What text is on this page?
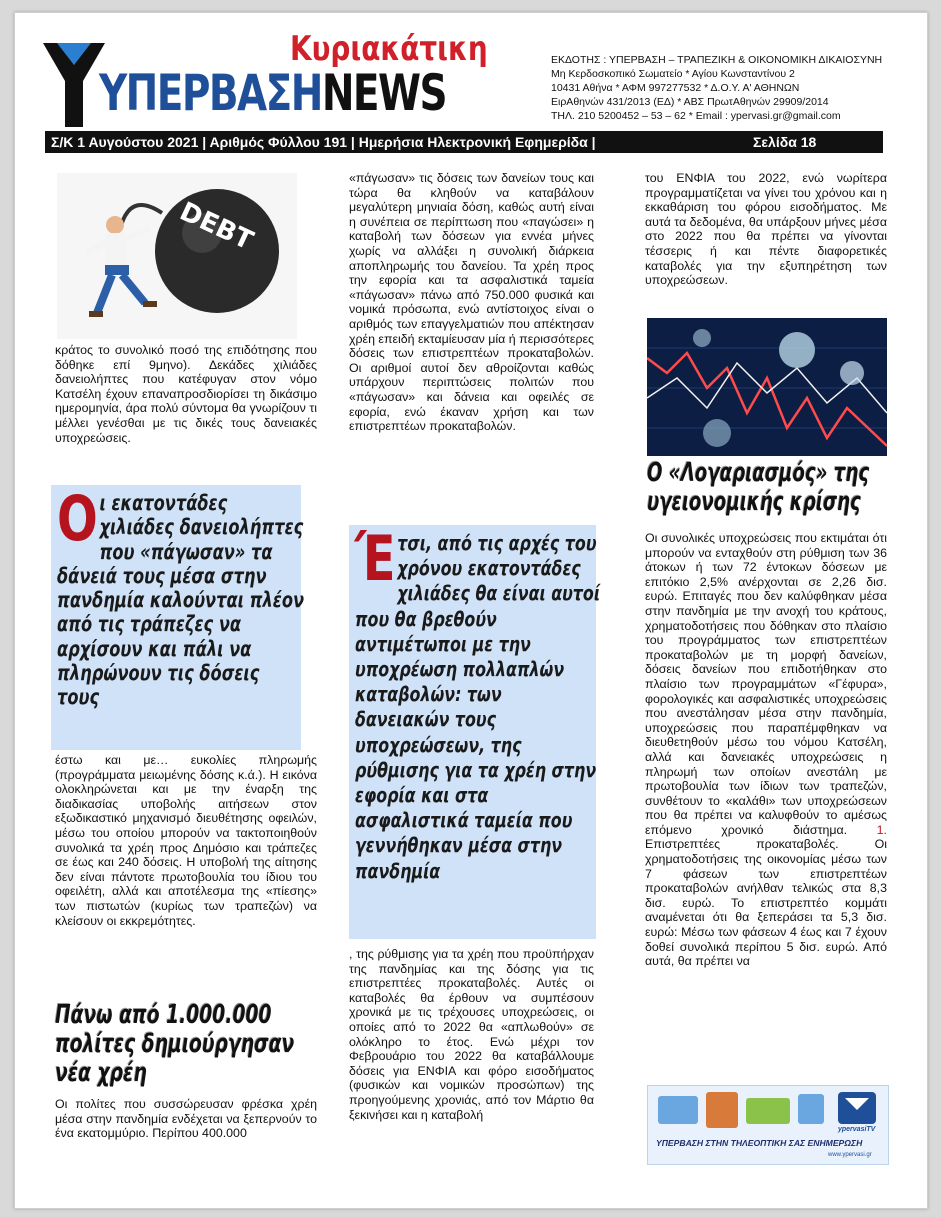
Κυριακάτικη
ΥΠΕΡΒΑΣΗNEWS
ΕΚΔΟΤΗΣ : ΥΠΕΡΒΑΣΗ – ΤΡΑΠΕΖΙΚΗ & ΟΙΚΟΝΟΜΙΚΗ ΔΙΚΑΙΟΣΥΝΗ
Μη Κερδοσκοπικό Σωματείο * Αγίου Κωνσταντίνου 2
10431 Αθήνα * ΑΦΜ 997277532 * Δ.Ο.Υ. Α' ΑΘΗΝΩΝ
ΕιρΑθηνών 431/2013 (ΕΔ) * ΑΒΣ ΠρωτΑθηνών 29909/2014
ΤΗΛ. 210 5200452 – 53 – 62 * Email : ypervasi.gr@gmail.com
Σ/Κ 1 Αυγούστου 2021 | Αριθμός Φύλλου 191 | Ημερήσια Ηλεκτρονική Εφημερίδα |	Σελίδα 18
DEBT
κράτος το συνολικό ποσό της επιδότησης που δόθηκε επί 9μηνο). Δεκάδες χιλιάδες δανειολήπτες που κατέφυγαν στον νόμο Κατσέλη έχουν επαναπροσδιορίσει τη δικάσιμο ημερομηνία, άρα πολύ σύντομα θα γνωρίζουν τι μέλλει γενέσθαι με τις δικές τους δανειακές υποχρεώσεις.
Οι εκατοντάδες χιλιάδες δανειολήπτες που «πάγωσαν» τα δάνειά τους μέσα στην πανδημία καλούνται πλέον από τις τράπεζες να αρχίσουν και πάλι να πληρώνουν τις δόσεις τους
έστω και με… ευκολίες πληρωμής (προγράμματα μειωμένης δόσης κ.ά.). Η εικόνα ολοκληρώνεται και με την έναρξη της διαδικασίας υποβολής αιτήσεων στον εξωδικαστικό μηχανισμό διευθέτησης οφειλών, μέσω του οποίου μπορούν να τακτοποιηθούν συνολικά τα χρέη προς Δημόσιο και τράπεζες σε έως και 240 δόσεις. Η υποβολή της αίτησης δεν είναι πάντοτε πρωτοβουλία του ίδιου του οφειλέτη, αλλά και αποτέλεσμα της «πίεσης» των πιστωτών (κυρίως των τραπεζών) να κλείσουν οι εκκρεμότητες.
Πάνω από 1.000.000
πολίτες δημιούργησαν
νέα χρέη
Οι πολίτες που συσσώρευσαν φρέσκα χρέη μέσα στην πανδημία ενδέχεται να ξεπερνούν το ένα εκατομμύριο. Περίπου 400.000
«πάγωσαν» τις δόσεις των δανείων τους και τώρα θα κληθούν να καταβάλουν μεγαλύτερη μηνιαία δόση, καθώς αυτή είναι η συνέπεια σε περίπτωση που «παγώσει» η καταβολή των δόσεων για εννέα μήνες χωρίς να αλλάξει η συνολική διάρκεια αποπληρωμής του δανείου. Τα χρέη προς την εφορία και τα ασφαλιστικά ταμεία «πάγωσαν» πάνω από 750.000 φυσικά και νομικά πρόσωπα, ενώ αντίστοιχος είναι ο αριθμός των επαγγελματιών που απέκτησαν χρέη επειδή εκταμίευσαν μία ή περισσότερες δόσεις των επιστρεπτέων προκαταβολών. Οι αριθμοί αυτοί δεν αθροίζονται καθώς υπάρχουν περιπτώσεις πολιτών που «πάγωσαν» και δάνεια και οφειλές σε εφορία, ενώ έκαναν χρήση και των επιστρεπτέων προκαταβολών.
Έτσι, από τις αρχές του χρόνου εκατοντάδες χιλιάδες θα είναι αυτοί που θα βρεθούν αντιμέτωποι με την υποχρέωση πολλαπλών καταβολών: των δανειακών τους υποχρεώσεων, της ρύθμισης για τα χρέη στην εφορία και στα ασφαλιστικά ταμεία που γεννήθηκαν μέσα στην πανδημία
, της ρύθμισης για τα χρέη που προϋπήρχαν της πανδημίας και της δόσης για τις επιστρεπτέες προκαταβολές. Αυτές οι καταβολές θα έρθουν να συμπέσουν χρονικά με τις τρέχουσες υποχρεώσεις, οι οποίες από το 2022 θα «απλωθούν» σε ολόκληρο το έτος. Ενώ μέχρι τον Φεβρουάριο του 2022 θα καταβάλλουμε δόσεις για ΕΝΦΙΑ και φόρο εισοδήματος (φυσικών και νομικών προσώπων) της προηγούμενης χρονιάς, από τον Μάρτιο θα ξεκινήσει και η καταβολή
του ΕΝΦΙΑ του 2022, ενώ νωρίτερα προγραμματίζεται να γίνει του χρόνου και η εκκαθάριση του φόρου εισοδήματος. Με αυτά τα δεδομένα, θα υπάρξουν μήνες μέσα στο 2022 που θα πρέπει να γίνονται τέσσερις ή και πέντε διαφορετικές καταβολές για την εξυπηρέτηση των υποχρεώσεων.
Ο «Λογαριασμός» της
υγειονομικής κρίσης
Οι συνολικές υποχρεώσεις που εκτιμάται ότι μπορούν να ενταχθούν στη ρύθμιση των 36 άτοκων ή των 72 έντοκων δόσεων με επιτόκιο 2,5% ανέρχονται σε 2,26 δισ. ευρώ. Επιταγές που δεν καλύφθηκαν μέσα στην πανδημία με την ανοχή του κράτους, χρηματοδοτήσεις που δόθηκαν στο πλαίσιο του προγράμματος των επιστρεπτέων προκαταβολών με τη μορφή δανείων, δόσεις δανείων που επιδοτήθηκαν στο πλαίσιο των προγραμμάτων «Γέφυρα», φορολογικές και ασφαλιστικές υποχρεώσεις που ανεστάλησαν μέσα στην πανδημία, υποχρεώσεις που παραπέμφθηκαν να διευθετηθούν μέσω του νόμου Κατσέλη, αλλά και δανειακές υποχρεώσεις η πληρωμή των οποίων ανεστάλη με πρωτοβουλία των ίδιων των τραπεζών, συνθέτουν το «καλάθι» των υποχρεώσεων που θα πρέπει να καλυφθούν το αμέσως επόμενο χρονικό διάστημα. 1. Επιστρεπτέες προκαταβολές. Οι χρηματοδοτήσεις της οικονομίας μέσω των 7 φάσεων των επιστρεπτέων προκαταβολών ανήλθαν τελικώς στα 8,3 δισ. ευρώ. Το επιστρεπτέο κομμάτι αναμένεται ότι θα ξεπεράσει τα 5,3 δισ. ευρώ: Μέσω των φάσεων 4 έως και 7 έχουν δοθεί συνολικά περίπου 5 δισ. ευρώ. Από αυτά, θα πρέπει να
ypervasiTV
ΥΠΕΡΒΑΣΗ ΣΤΗΝ ΤΗΛΕΟΠΤΙΚΗ ΣΑΣ ΕΝΗΜΕΡΩΣΗ
www.ypervasi.gr
